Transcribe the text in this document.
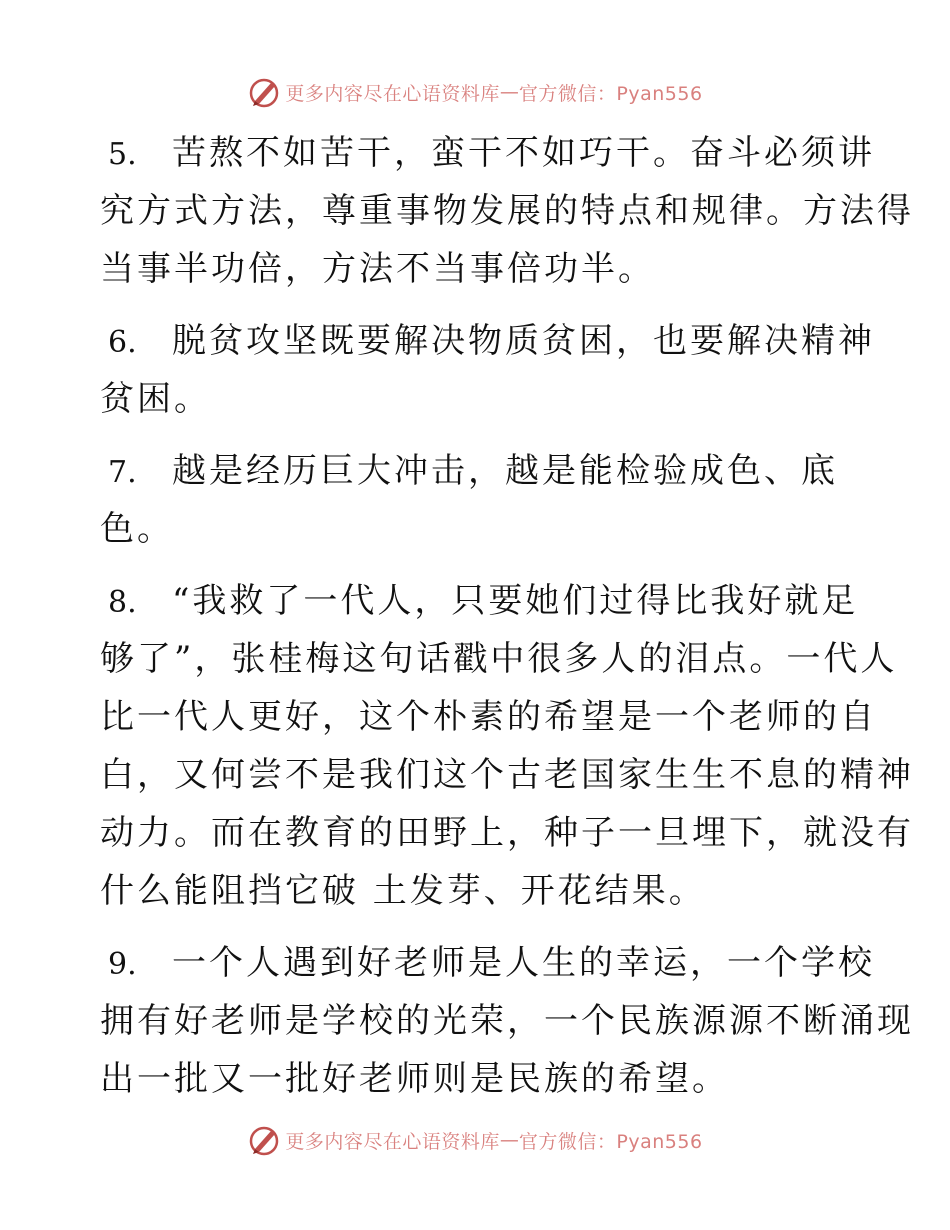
更多内容尽在心语资料库 — 官方微信：Pyan556
5. 苦熬不如苦干，蛮干不如巧干。奋斗必须讲
究方式方法，尊重事物发展的特点和规律。方法得
当事半功倍，方法不当事倍功半。
6. 脱贫攻坚既要解决物质贫困，也要解决精神
贫困。
7. 越是经历巨大冲击，越是能检验成色、底
色。
8. “我救了一代人，只要她们过得比我好就足
够了”，张桂梅这句话戳中很多人的泪点。一代人
比一代人更好，这个朴素的希望是一个老师的自
白，又何尝不是我们这个古老国家生生不息的精神
动力。而在教育的田野上，种子一旦埋下，就没有
什么能阻挡它破 土发芽、开花结果。
9. 一个人遇到好老师是人生的幸运，一个学校
拥有好老师是学校的光荣，一个民族源源不断涌现
出一批又一批好老师则是民族的希望。
更多内容尽在心语资料库 — 官方微信：Pyan556
